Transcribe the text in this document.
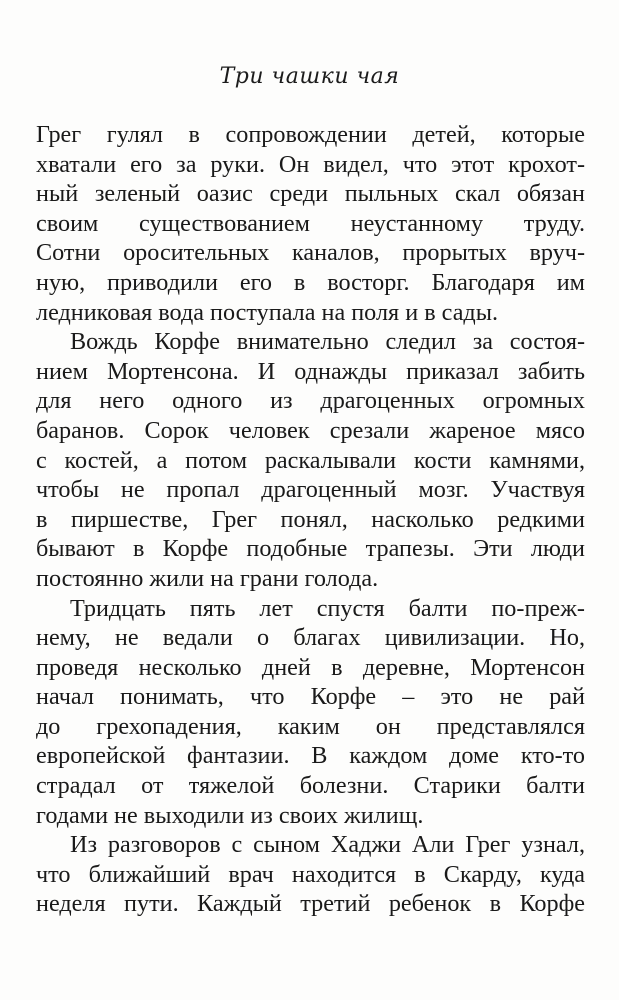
Три чашки чая
Грег гулял в сопровождении детей, которые
хватали его за руки. Он видел, что этот крохот-
ный зеленый оазис среди пыльных скал обязан
своим существованием неустанному труду.
Сотни оросительных каналов, прорытых вруч-
ную, приводили его в восторг. Благодаря им
ледниковая вода поступала на поля и в сады.
Вождь Корфе внимательно следил за состоя-
нием Мортенсона. И однажды приказал забить
для него одного из драгоценных огромных
баранов. Сорок человек срезали жареное мясо
с костей, а потом раскалывали кости камнями,
чтобы не пропал драгоценный мозг. Участвуя
в пиршестве, Грег понял, насколько редкими
бывают в Корфе подобные трапезы. Эти люди
постоянно жили на грани голода.
Тридцать пять лет спустя балти по-преж-
нему, не ведали о благах цивилизации. Но,
проведя несколько дней в деревне, Мортенсон
начал понимать, что Корфе – это не рай
до грехопадения, каким он представлялся
европейской фантазии. В каждом доме кто-то
страдал от тяжелой болезни. Старики балти
годами не выходили из своих жилищ.
Из разговоров с сыном Хаджи Али Грег узнал,
что ближайший врач находится в Скарду, куда
неделя пути. Каждый третий ребенок в Корфе
